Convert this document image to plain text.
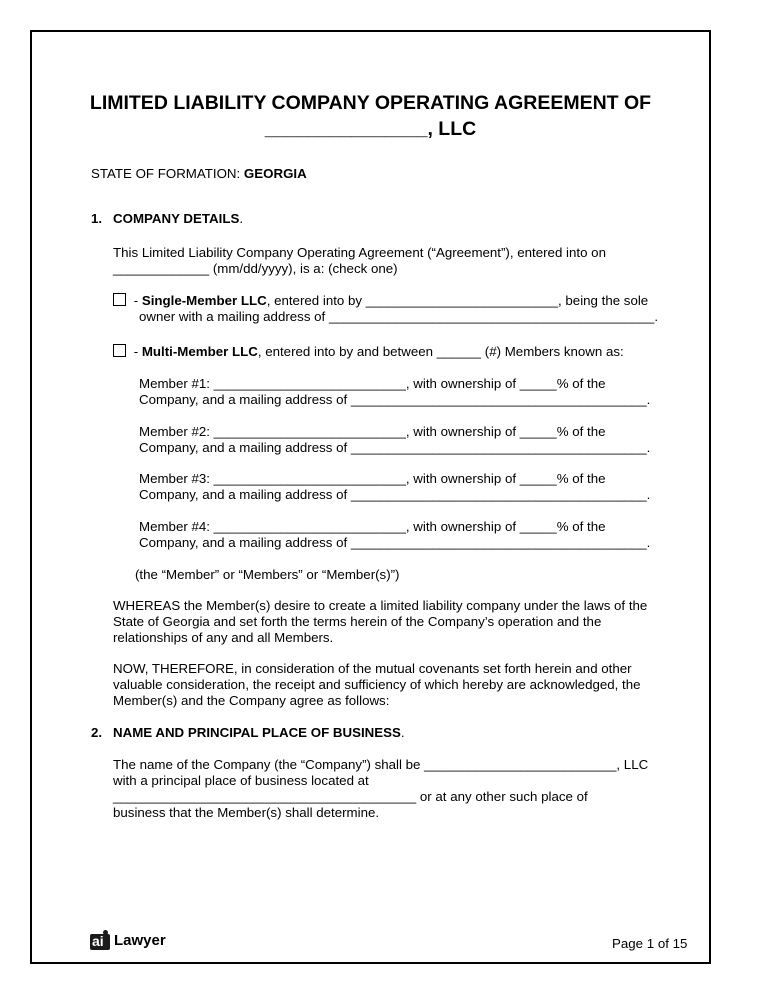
LIMITED LIABILITY COMPANY OPERATING AGREEMENT OF
_______________, LLC
STATE OF FORMATION: GEORGIA
1. COMPANY DETAILS.
This Limited Liability Company Operating Agreement (“Agreement”), entered into on
_____________ (mm/dd/yyyy), is a: (check one)
- Single-Member LLC, entered into by __________________________, being the sole
owner with a mailing address of ____________________________________________.
- Multi-Member LLC, entered into by and between ______ (#) Members known as:
Member #1: __________________________, with ownership of _____% of the
Company, and a mailing address of ________________________________________.
Member #2: __________________________, with ownership of _____% of the
Company, and a mailing address of ________________________________________.
Member #3: __________________________, with ownership of _____% of the
Company, and a mailing address of ________________________________________.
Member #4: __________________________, with ownership of _____% of the
Company, and a mailing address of ________________________________________.
(the “Member” or “Members” or “Member(s)”)
WHEREAS the Member(s) desire to create a limited liability company under the laws of the
State of Georgia and set forth the terms herein of the Company’s operation and the
relationships of any and all Members.
NOW, THEREFORE, in consideration of the mutual covenants set forth herein and other
valuable consideration, the receipt and sufficiency of which hereby are acknowledged, the
Member(s) and the Company agree as follows:
2. NAME AND PRINCIPAL PLACE OF BUSINESS.
The name of the Company (the “Company”) shall be __________________________, LLC
with a principal place of business located at
_________________________________________ or at any other such place of
business that the Member(s) shall determine.
ai Lawyer	Page 1 of 15
